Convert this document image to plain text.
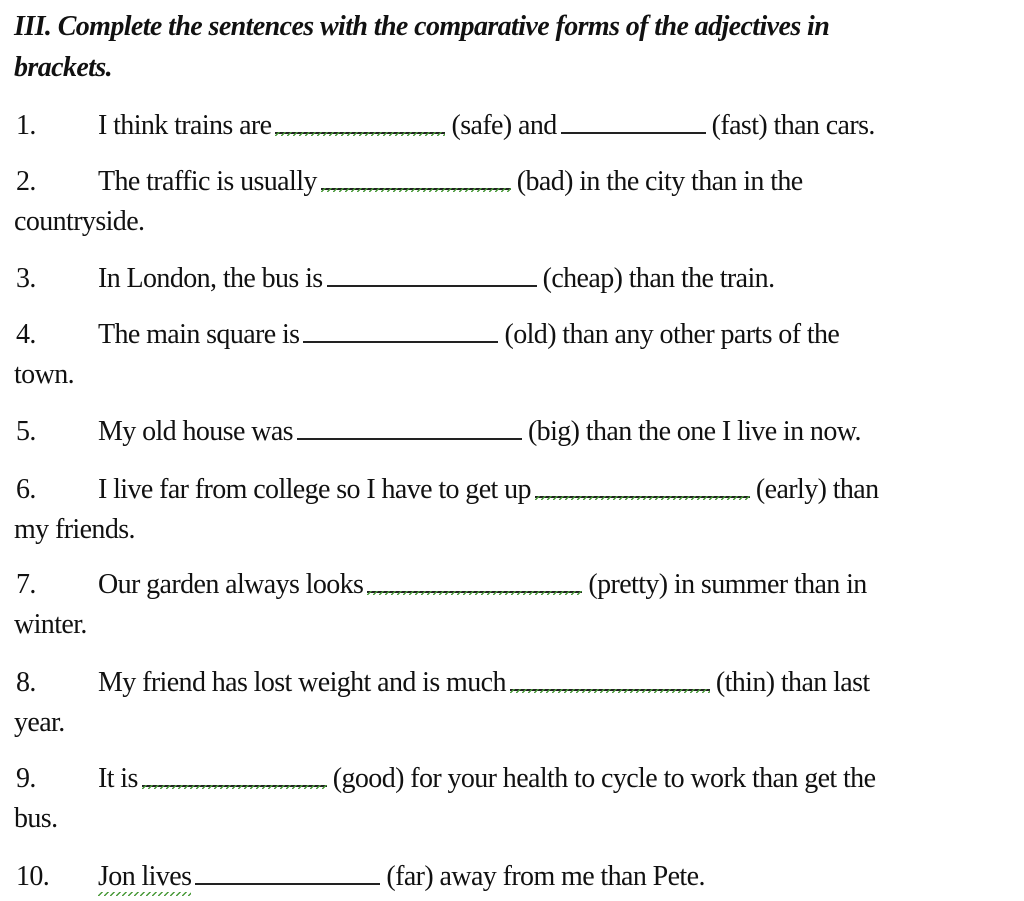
III. Complete the sentences with the comparative forms of the adjectives in
brackets.
1. I think trains are	(safe) and	(fast) than cars.
2. The traffic is usually	(bad) in the city than in the
countryside.
3. In London, the bus is	(cheap) than the train.
4. The main square is	(old) than any other parts of the
town.
5. My old house was	(big) than the one I live in now.
6. I live far from college so I have to get up	(early) than
my friends.
7. Our garden always looks	(pretty) in summer than in
winter.
8. My friend has lost weight and is much	(thin) than last
year.
9. It is	(good) for your health to cycle to work than get the
bus.
10. Jon lives	(far) away from me than Pete.
